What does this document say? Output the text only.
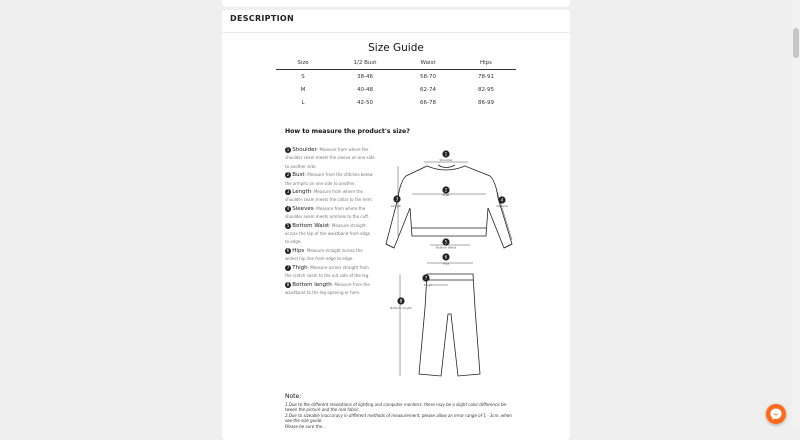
DESCRIPTION
Size Guide
Size	1/2 Bust	Waist	Hips
S	38-46	58-70	78-91
M	40-48	62-74	82-95
L	42-50	66-78	86-99
How to measure the product's size?
1 Shoulder- Measure from where the shoulder seam meets the sleeve on one side to another side.
2 Bust- Measure from the stitches below the armpits on one side to another.
3 Length- Measure from where the shoulder seam meets the collar to the hem.
4 Sleeves- Measure from where the shoulder seam meets armhole to the cuff.
5 Bottom Waist- Measure straight across the top of the waistband from edge to edge.
6 Hips- Measure straight across the widest hip line from edge to edge.
7 Thigh- Measure across straight from the crotch seam to the out side of the leg.
8 Bottom length- Measure from the waistband to the leg opening or hem.
1
2
3	4
5
6
7
8
Shoulder
Bust
Length	Sleeves
Bottom Waist
Hips
Thigh
Bottom length
Note:
1.Due to the different resolutions of lighting and computer monitors, there may be a slight color difference be-
tween the picture and the real fabric.
2.Due to sizeable inaccuracy in different methods of measurement, please allow an error range of 1 - 3cm. when
see the size guide.
Please be sure the...
